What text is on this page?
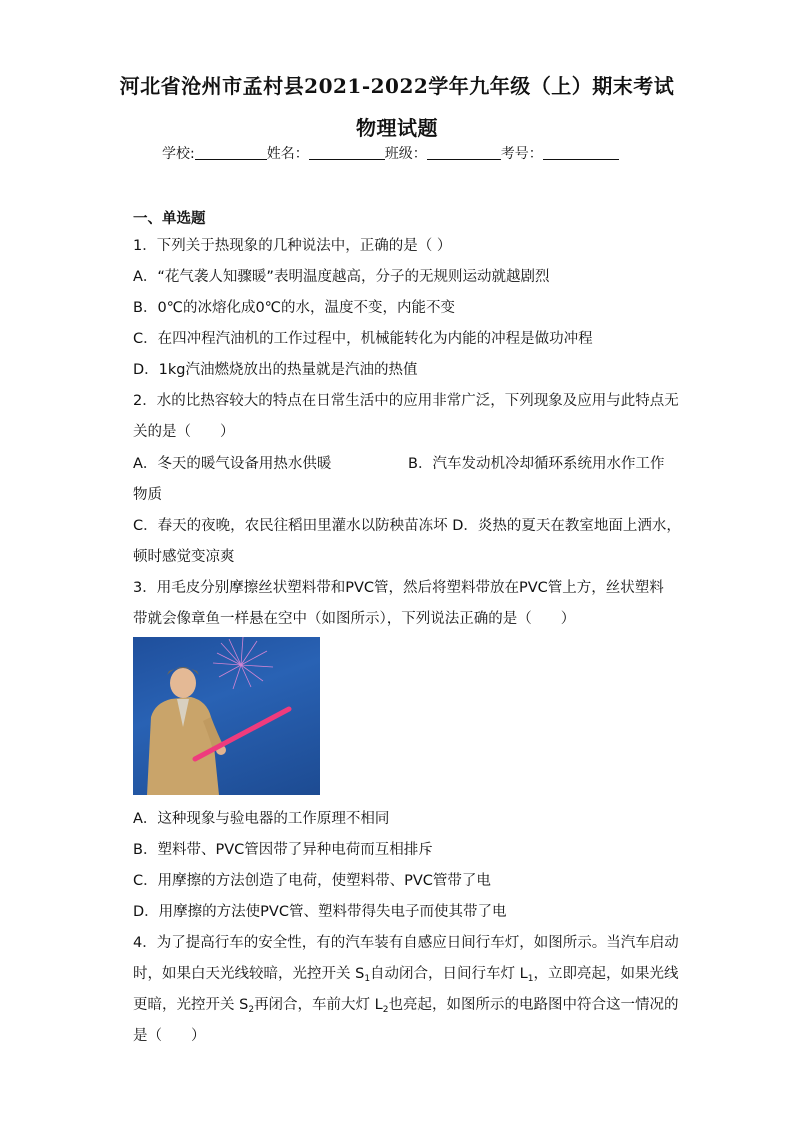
河北省沧州市孟村县2021-2022学年九年级（上）期末考试
物理试题
学校:	姓名：	班级：	考号：
一、单选题
1．下列关于热现象的几种说法中，正确的是（ ）
A．“花气袭人知骤暖”表明温度越高，分子的无规则运动就越剧烈
B．0℃的冰熔化成0℃的水，温度不变，内能不变
C．在四冲程汽油机的工作过程中，机械能转化为内能的冲程是做功冲程
D．1kg汽油燃烧放出的热量就是汽油的热值
2．水的比热容较大的特点在日常生活中的应用非常广泛，下列现象及应用与此特点无
关的是（　　）
A．冬天的暖气设备用热水供暖	B．汽车发动机冷却循环系统用水作工作
物质
C．春天的夜晚，农民往稻田里灌水以防秧苗冻坏 D．炎热的夏天在教室地面上洒水，
顿时感觉变凉爽
3．用毛皮分别摩擦丝状塑料带和PVC管，然后将塑料带放在PVC管上方，丝状塑料
带就会像章鱼一样悬在空中（如图所示），下列说法正确的是（　　）
A．这种现象与验电器的工作原理不相同
B．塑料带、PVC管因带了异种电荷而互相排斥
C．用摩擦的方法创造了电荷，使塑料带、PVC管带了电
D．用摩擦的方法使PVC管、塑料带得失电子而使其带了电
4．为了提高行车的安全性，有的汽车装有自感应日间行车灯，如图所示。当汽车启动
时，如果白天光线较暗，光控开关 $S_1$自动闭合，日间行车灯 $L_1$，立即亮起，如果光线
更暗，光控开关 $S_2$再闭合，车前大灯 $L_2$也亮起，如图所示的电路图中符合这一情况的
是（　　）
